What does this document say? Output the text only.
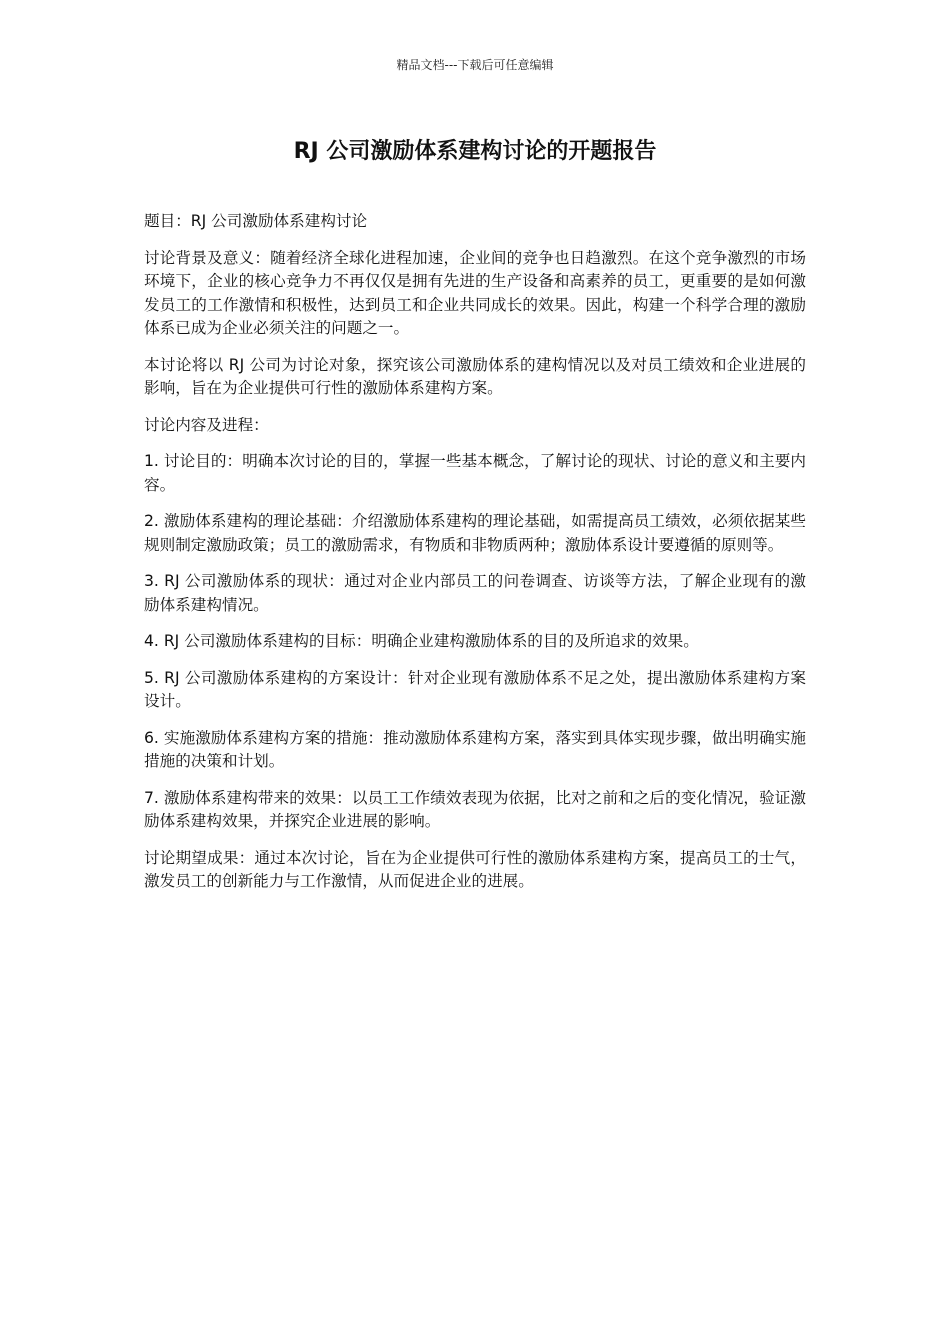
精品文档---下载后可任意编辑
RJ 公司激励体系建构讨论的开题报告

题目：RJ 公司激励体系建构讨论

讨论背景及意义：随着经济全球化进程加速，企业间的竞争也日趋激烈。在这个竞争激烈的市场环境下，企业的核心竞争力不再仅仅是拥有先进的生产设备和高素养的员工，更重要的是如何激发员工的工作激情和积极性，达到员工和企业共同成长的效果。因此，构建一个科学合理的激励体系已成为企业必须关注的问题之一。

本讨论将以 RJ 公司为讨论对象，探究该公司激励体系的建构情况以及对员工绩效和企业进展的影响，旨在为企业提供可行性的激励体系建构方案。

讨论内容及进程：

1. 讨论目的：明确本次讨论的目的，掌握一些基本概念，了解讨论的现状、讨论的意义和主要内容。

2. 激励体系建构的理论基础：介绍激励体系建构的理论基础，如需提高员工绩效，必须依据某些规则制定激励政策；员工的激励需求，有物质和非物质两种；激励体系设计要遵循的原则等。

3. RJ 公司激励体系的现状：通过对企业内部员工的问卷调查、访谈等方法，了解企业现有的激励体系建构情况。

4. RJ 公司激励体系建构的目标：明确企业建构激励体系的目的及所追求的效果。

5. RJ 公司激励体系建构的方案设计：针对企业现有激励体系不足之处，提出激励体系建构方案设计。

6. 实施激励体系建构方案的措施：推动激励体系建构方案，落实到具体实现步骤，做出明确实施措施的决策和计划。

7. 激励体系建构带来的效果：以员工工作绩效表现为依据，比对之前和之后的变化情况，验证激励体系建构效果，并探究企业进展的影响。

讨论期望成果：通过本次讨论，旨在为企业提供可行性的激励体系建构方案，提高员工的士气，激发员工的创新能力与工作激情，从而促进企业的进展。
